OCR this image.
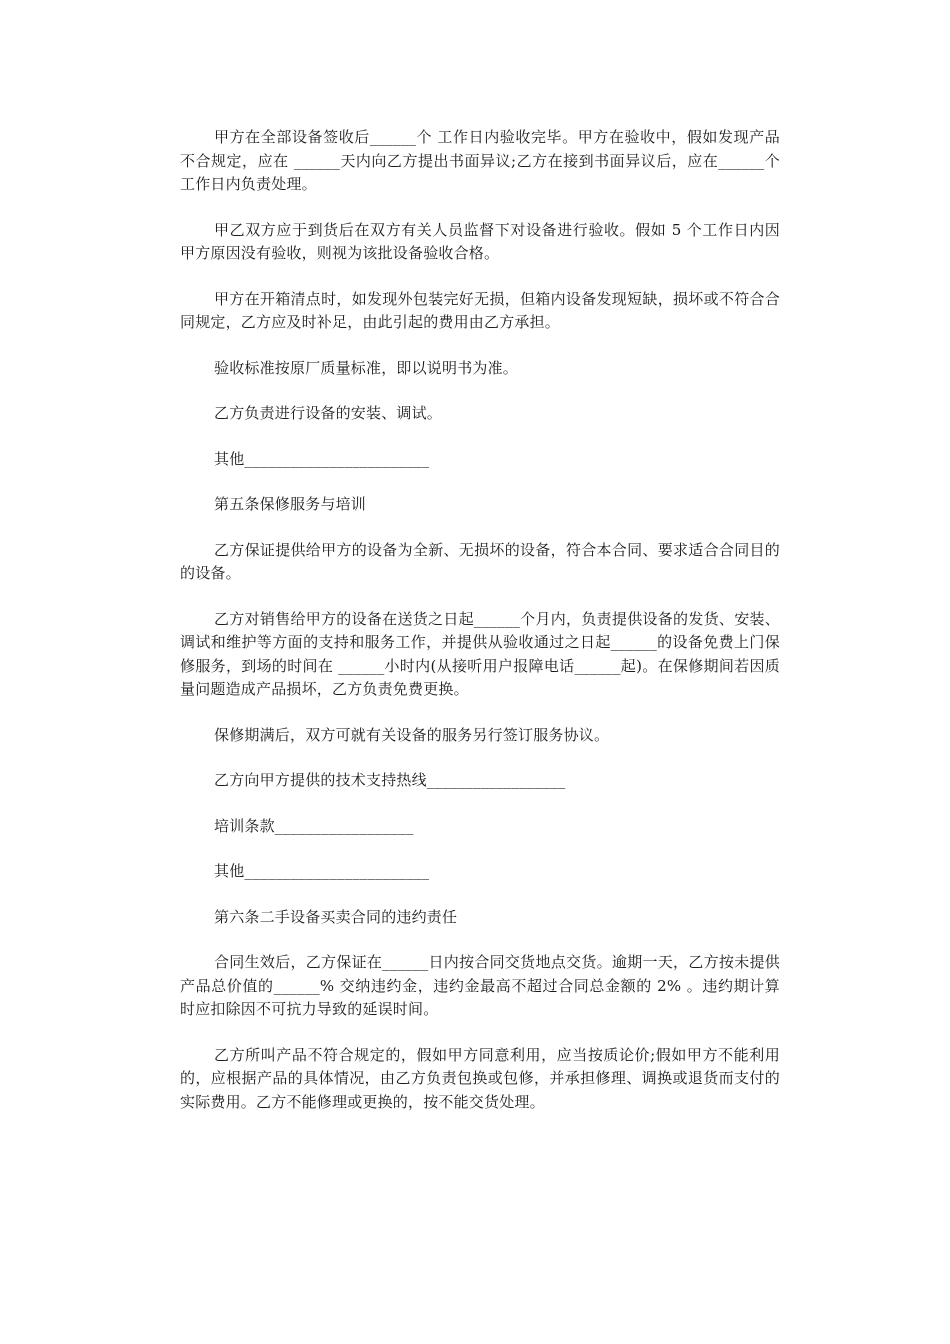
甲方在全部设备签收后______个 工作日内验收完毕。甲方在验收中，假如发现产品不合规定，应在 ______天内向乙方提出书面异议;乙方在接到书面异议后，应在______个 工作日内负责处理。

甲乙双方应于到货后在双方有关人员监督下对设备进行验收。假如 5 个工作日内因甲方原因没有验收，则视为该批设备验收合格。

甲方在开箱清点时，如发现外包装完好无损，但箱内设备发现短缺，损坏或不符合合同规定，乙方应及时补足，由此引起的费用由乙方承担。

验收标准按原厂质量标准，即以说明书为准。

乙方负责进行设备的安装、调试。

其他________________________

第五条保修服务与培训

乙方保证提供给甲方的设备为全新、无损坏的设备，符合本合同、要求适合合同目的的设备。

乙方对销售给甲方的设备在送货之日起______个月内，负责提供设备的发货、安装、调试和维护等方面的支持和服务工作，并提供从验收通过之日起______的设备免费上门保修服务，到场的时间在 ______小时内(从接听用户报障电话______起)。在保修期间若因质量问题造成产品损坏，乙方负责免费更换。

保修期满后，双方可就有关设备的服务另行签订服务协议。

乙方向甲方提供的技术支持热线__________________

培训条款__________________

其他________________________

第六条二手设备买卖合同的违约责任

合同生效后，乙方保证在______日内按合同交货地点交货。逾期一天，乙方按未提供产品总价值的______% 交纳违约金，违约金最高不超过合同总金额的 2% 。违约期计算时应扣除因不可抗力导致的延误时间。

乙方所叫产品不符合规定的，假如甲方同意利用，应当按质论价;假如甲方不能利用的，应根据产品的具体情况，由乙方负责包换或包修，并承担修理、调换或退货而支付的实际费用。乙方不能修理或更换的，按不能交货处理。
